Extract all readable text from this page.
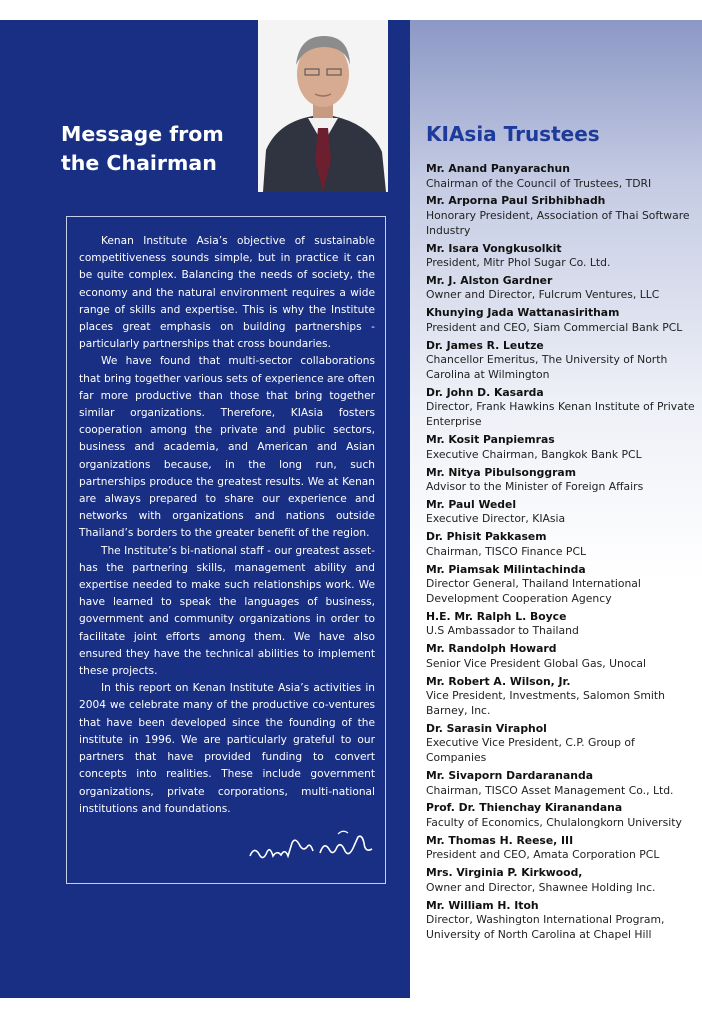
Message from
the Chairman

Kenan Institute Asia’s objective of sustainable competitiveness sounds simple, but in practice it can be quite complex. Balancing the needs of society, the economy and the natural environment requires a wide range of skills and expertise. This is why the Institute places great emphasis on building partnerships - particularly partnerships that cross boundaries.

We have found that multi-sector collaborations that bring together various sets of experience are often far more productive than those that bring together similar organizations. Therefore, KIAsia fosters cooperation among the private and public sectors, business and academia, and American and Asian organizations because, in the long run, such partnerships produce the greatest results. We at Kenan are always prepared to share our experience and networks with organizations and nations outside Thailand’s borders to the greater benefit of the region.

The Institute’s bi-national staff - our greatest asset-has the partnering skills, management ability and expertise needed to make such relationships work. We have learned to speak the languages of business, government and community organizations in order to facilitate joint efforts among them. We have also ensured they have the technical abilities to implement these projects.

In this report on Kenan Institute Asia’s activities in 2004 we celebrate many of the productive co-ventures that have been developed since the founding of the institute in 1996. We are particularly grateful to our partners that have provided funding to convert concepts into realities. These include government organizations, private corporations, multi-national institutions and foundations.

KIAsia Trustees
Mr. Anand Panyarachun
Chairman of the Council of Trustees, TDRI
Mr. Arporna Paul Sribhibhadh
Honorary President, Association of Thai Software Industry
Mr. Isara Vongkusolkit
President, Mitr Phol Sugar Co. Ltd.
Mr. J. Alston Gardner
Owner and Director, Fulcrum Ventures, LLC
Khunying Jada Wattanasiritham
President and CEO, Siam Commercial Bank PCL
Dr. James R. Leutze
Chancellor Emeritus, The University of North Carolina at Wilmington
Dr. John D. Kasarda
Director, Frank Hawkins Kenan Institute of Private Enterprise
Mr. Kosit Panpiemras
Executive Chairman, Bangkok Bank PCL
Mr. Nitya Pibulsonggram
Advisor to the Minister of Foreign Affairs
Mr. Paul Wedel
Executive Director, KIAsia
Dr. Phisit Pakkasem
Chairman, TISCO Finance PCL
Mr. Piamsak Milintachinda
Director General, Thailand International Development Cooperation Agency
H.E. Mr. Ralph L. Boyce
U.S Ambassador to Thailand
Mr. Randolph Howard
Senior Vice President Global Gas, Unocal
Mr. Robert A. Wilson, Jr.
Vice President, Investments, Salomon Smith Barney, Inc.
Dr. Sarasin Viraphol
Executive Vice President, C.P. Group of Companies
Mr. Sivaporn Dardarananda
Chairman, TISCO Asset Management Co., Ltd.
Prof. Dr. Thienchay Kiranandana
Faculty of Economics, Chulalongkorn University
Mr. Thomas H. Reese, III
President and CEO, Amata Corporation PCL
Mrs. Virginia P. Kirkwood,
Owner and Director, Shawnee Holding Inc.
Mr. William H. Itoh
Director, Washington International Program, University of North Carolina at Chapel Hill
